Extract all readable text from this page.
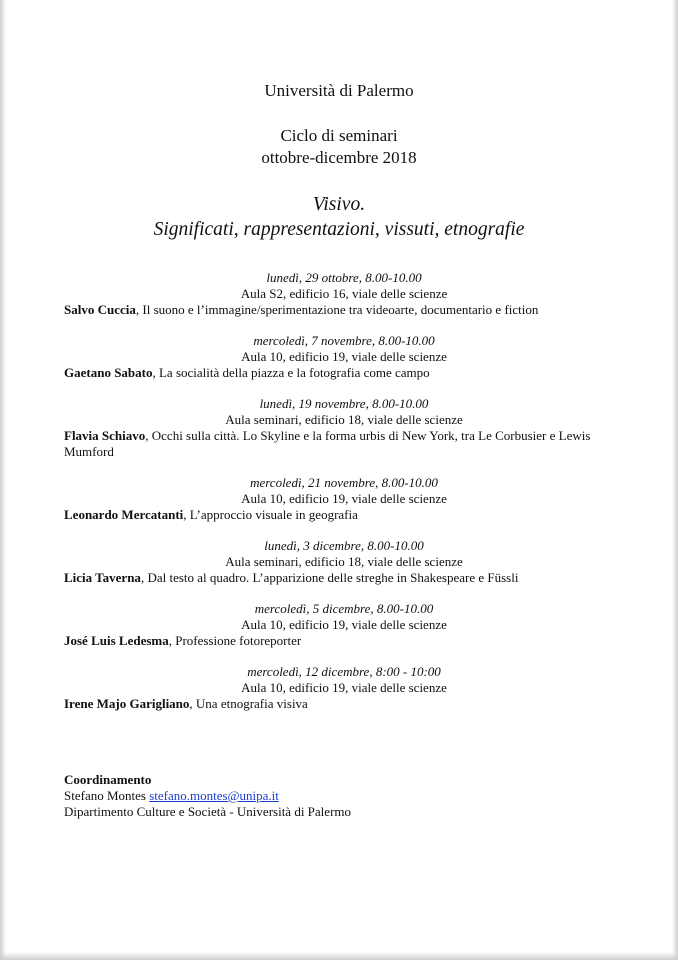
Università di Palermo

Ciclo di seminari

ottobre-dicembre 2018

Visivo.

Significati, rappresentazioni, vissuti, etnografie

lunedì, 29 ottobre, 8.00-10.00
Aula S2, edificio 16, viale delle scienze
Salvo Cuccia, Il suono e l’immagine/sperimentazione tra videoarte, documentario e fiction
mercoledì, 7 novembre, 8.00-10.00
Aula 10, edificio 19, viale delle scienze
Gaetano Sabato, La socialità della piazza e la fotografia come campo
lunedì, 19 novembre, 8.00-10.00
Aula seminari, edificio 18, viale delle scienze
Flavia Schiavo, Occhi sulla città. Lo Skyline e la forma urbis di New York, tra Le Corbusier e Lewis Mumford
mercoledì, 21 novembre, 8.00-10.00
Aula 10, edificio 19, viale delle scienze
Leonardo Mercatanti, L’approccio visuale in geografia
lunedì, 3 dicembre, 8.00-10.00
Aula seminari, edificio 18, viale delle scienze
Licia Taverna, Dal testo al quadro. L’apparizione delle streghe in Shakespeare e Füssli
mercoledì, 5 dicembre, 8.00-10.00
Aula 10, edificio 19, viale delle scienze
José Luis Ledesma, Professione fotoreporter
mercoledì, 12 dicembre, 8:00 - 10:00
Aula 10, edificio 19, viale delle scienze
Irene Majo Garigliano, Una etnografia visiva
Coordinamento
Stefano Montes stefano.montes@unipa.it
Dipartimento Culture e Società - Università di Palermo
